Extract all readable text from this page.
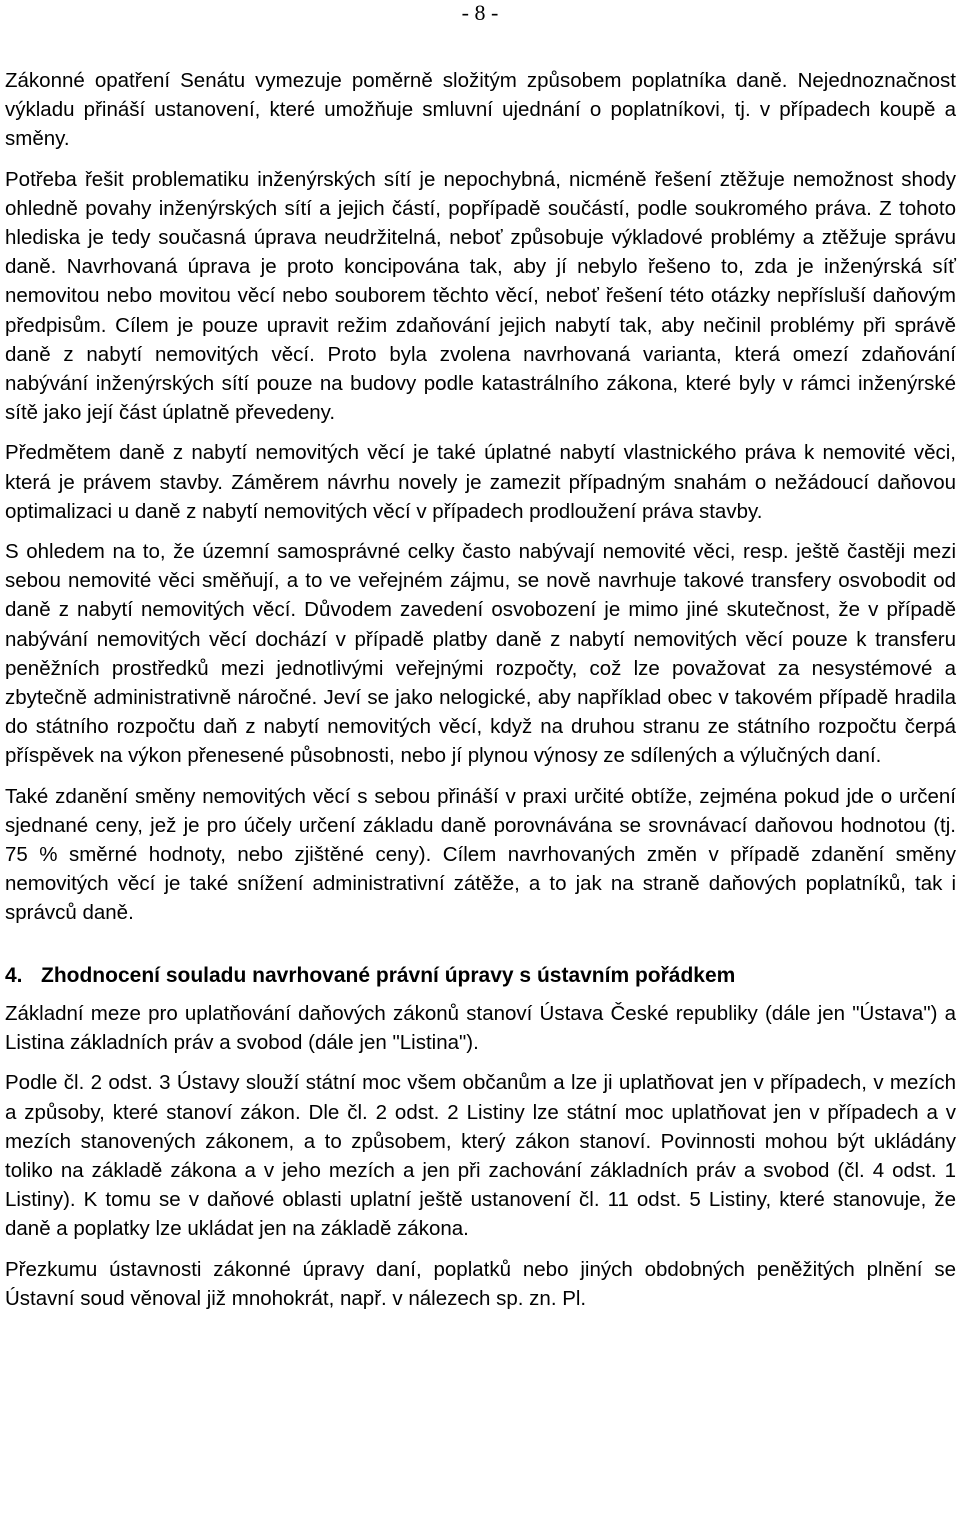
- 8 -

Zákonné opatření Senátu vymezuje poměrně složitým způsobem poplatníka daně. Nejednoznačnost výkladu přináší ustanovení, které umožňuje smluvní ujednání o poplatníkovi, tj. v případech koupě a směny.

Potřeba řešit problematiku inženýrských sítí je nepochybná, nicméně řešení ztěžuje nemožnost shody ohledně povahy inženýrských sítí a jejich částí, popřípadě součástí, podle soukromého práva. Z tohoto hlediska je tedy současná úprava neudržitelná, neboť způsobuje výkladové problémy a ztěžuje správu daně. Navrhovaná úprava je proto koncipována tak, aby jí nebylo řešeno to, zda je inženýrská síť nemovitou nebo movitou věcí nebo souborem těchto věcí, neboť řešení této otázky nepřísluší daňovým předpisům. Cílem je pouze upravit režim zdaňování jejich nabytí tak, aby nečinil problémy při správě daně z nabytí nemovitých věcí. Proto byla zvolena navrhovaná varianta, která omezí zdaňování nabývání inženýrských sítí pouze na budovy podle katastrálního zákona, které byly v rámci inženýrské sítě jako její část úplatně převedeny.

Předmětem daně z nabytí nemovitých věcí je také úplatné nabytí vlastnického práva k nemovité věci, která je právem stavby. Záměrem návrhu novely je zamezit případným snahám o nežádoucí daňovou optimalizaci u daně z nabytí nemovitých věcí v případech prodloužení práva stavby.

S ohledem na to, že územní samosprávné celky často nabývají nemovité věci, resp. ještě častěji mezi sebou nemovité věci směňují, a to ve veřejném zájmu, se nově navrhuje takové transfery osvobodit od daně z nabytí nemovitých věcí. Důvodem zavedení osvobození je mimo jiné skutečnost, že v případě nabývání nemovitých věcí dochází v případě platby daně z nabytí nemovitých věcí pouze k transferu peněžních prostředků mezi jednotlivými veřejnými rozpočty, což lze považovat za nesystémové a zbytečně administrativně náročné. Jeví se jako nelogické, aby například obec v takovém případě hradila do státního rozpočtu daň z nabytí nemovitých věcí, když na druhou stranu ze státního rozpočtu čerpá příspěvek na výkon přenesené působnosti, nebo jí plynou výnosy ze sdílených a výlučných daní.

Také zdanění směny nemovitých věcí s sebou přináší v praxi určité obtíže, zejména pokud jde o určení sjednané ceny, jež je pro účely určení základu daně porovnávána se srovnávací daňovou hodnotou (tj. 75 % směrné hodnoty, nebo zjištěné ceny). Cílem navrhovaných změn v případě zdanění směny nemovitých věcí je také snížení administrativní zátěže, a to jak na straně daňových poplatníků, tak i správců daně.

4. Zhodnocení souladu navrhované právní úpravy s ústavním pořádkem

Základní meze pro uplatňování daňových zákonů stanoví Ústava České republiky (dále jen "Ústava") a Listina základních práv a svobod (dále jen "Listina").

Podle čl. 2 odst. 3 Ústavy slouží státní moc všem občanům a lze ji uplatňovat jen v případech, v mezích a způsoby, které stanoví zákon. Dle čl. 2 odst. 2 Listiny lze státní moc uplatňovat jen v případech a v mezích stanovených zákonem, a to způsobem, který zákon stanoví. Povinnosti mohou být ukládány toliko na základě zákona a v jeho mezích a jen při zachování základních práv a svobod (čl. 4 odst. 1 Listiny). K tomu se v daňové oblasti uplatní ještě ustanovení čl. 11 odst. 5 Listiny, které stanovuje, že daně a poplatky lze ukládat jen na základě zákona.

Přezkumu ústavnosti zákonné úpravy daní, poplatků nebo jiných obdobných peněžitých plnění se Ústavní soud věnoval již mnohokrát, např. v nálezech sp. zn. Pl.
